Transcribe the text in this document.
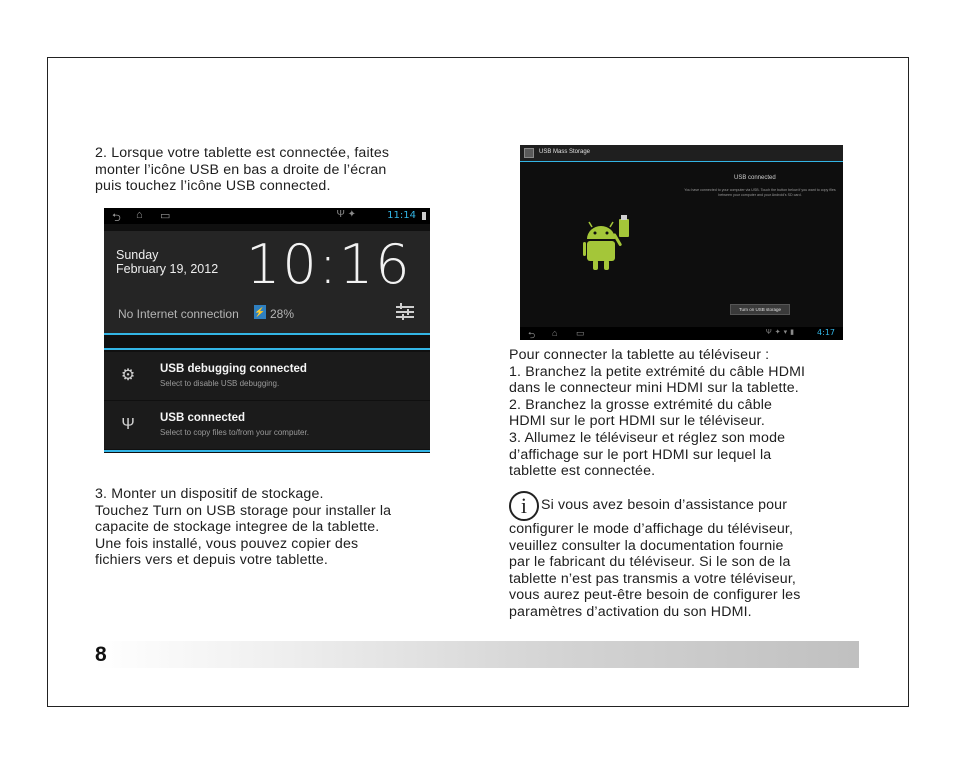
2. Lorsque votre tablette est connectée, faites

monter l’icône USB en bas a droite de l’écran

puis touchez l’icône USB connected.

⮌ ⌂ ▭	Ψ ✦	11:14
Sunday
February 19, 2012 10:16
No Internet connection ⚡ 28%
⚙	USB debugging connected
Select to disable USB debugging.
Ψ	USB connected
Select to copy files to/from your computer.

3. Monter un dispositif de stockage.

Touchez Turn on USB storage pour installer la

capacite de stockage integree de la tablette.

Une fois installé, vous pouvez copier des

fichiers vers et depuis votre tablette.

USB Mass Storage
USB connected
You have connected to your computer via USB. Touch the button below if you want to copy files between your computer and your Android's SD card.
Turn on USB storage
⮌ ⌂ ▭	Ψ✦▾▮	4:17

Pour connecter la tablette au téléviseur :

1. Branchez la petite extrémité du câble HDMI

dans le connecteur mini HDMI sur la tablette.

2. Branchez la grosse extrémité du câble

HDMI sur le port HDMI sur le téléviseur.

3. Allumez le téléviseur et réglez son mode

d’affichage sur le port HDMI sur lequel la

tablette est connectée.

i Si vous avez besoin d’assistance pour

configurer le mode d’affichage du téléviseur,

veuillez consulter la documentation fournie

par le fabricant du téléviseur. Si le son de la

tablette n’est pas transmis a votre téléviseur,

vous aurez peut-être besoin de configurer les

paramètres d’activation du son HDMI.

8
